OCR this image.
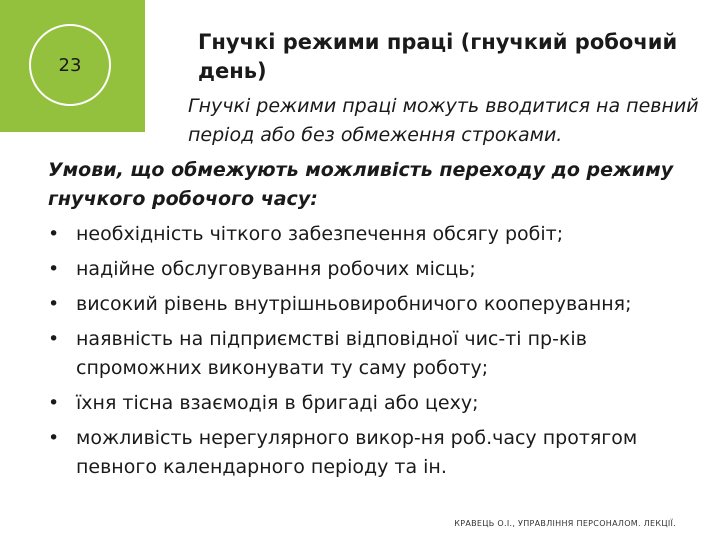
23
Гнучкі режими праці (гнучкий робочий день)
Гнучкі режими праці можуть вводитися на певний період або без обмеження строками.
Умови, що обмежують можливість переходу до режиму гнучкого робочого часу:
• необхідність чіткого забезпечення обсягу робіт;
• надійне обслуговування робочих місць;
• високий рівень внутрішньовиробничого кооперування;
• наявність на підприємстві відповідної чис-ті пр-ків спроможних виконувати ту саму роботу;
• їхня тісна взаємодія в бригаді або цеху;
• можливість нерегулярного викор-ня роб.часу протягом певного календарного періоду та ін.
КРАВЕЦЬ О.І., УПРАВЛІННЯ ПЕРСОНАЛОМ. ЛЕКЦІЇ.
